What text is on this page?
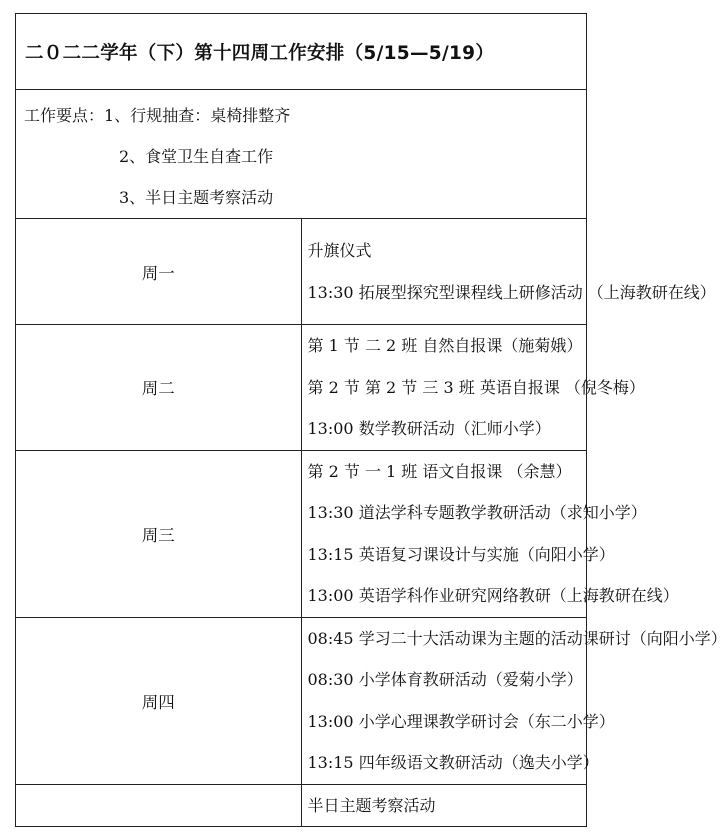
二０二二学年（下）第十四周工作安排（5/15—5/19）	

工作要点：1、行规抽查：桌椅排整齐
2、食堂卫生自查工作
3、半日主题考察活动	

周一	升旗仪式
13:30 拓展型探究型课程线上研修活动 （上海教研在线）

周二	第 1 节 二 2 班 自然自报课（施菊娥）
第 2 节 第 2 节 三 3 班 英语自报课 （倪冬梅）
13:00 数学教研活动（汇师小学）

周三	第 2 节 一 1 班 语文自报课 （余慧）
13:30 道法学科专题教学教研活动（求知小学）
13:15 英语复习课设计与实施（向阳小学）
13:00 英语学科作业研究网络教研（上海教研在线）

周四	08:45 学习二十大活动课为主题的活动课研讨（向阳小学）
08:30 小学体育教研活动（爱菊小学）
13:00 小学心理课教学研讨会（东二小学）
13:15 四年级语文教研活动（逸夫小学）

	半日主题考察活动
